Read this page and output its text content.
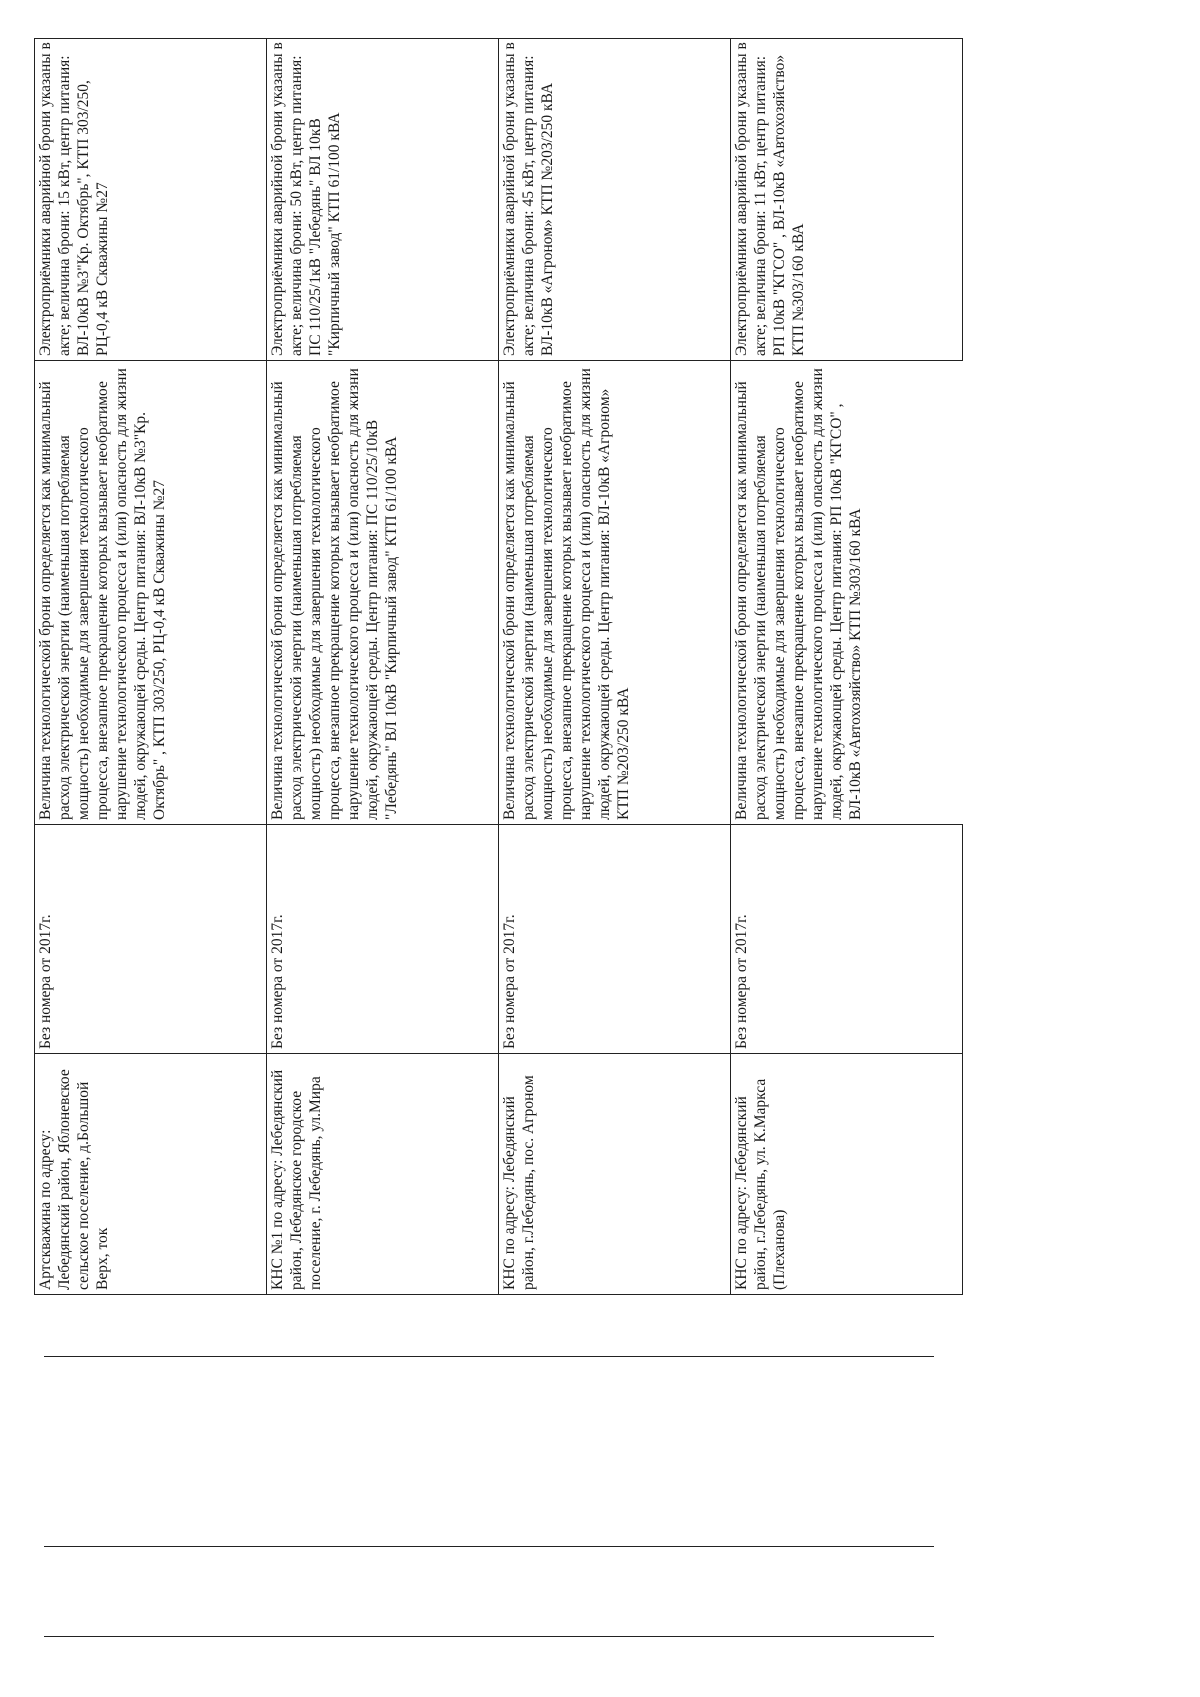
Артскважина по адресу: Лебедянский район, Яблоневское сельское поселение, д.Большой Верх, ток	Без номера от 2017г.	Величина технологической брони определяется как минимальный расход электрической энергии (наименьшая потребляемая мощность) необходимые для завершения технологического процесса, внезапное прекращение которых вызывает необратимое нарушение технологического процесса и (или) опасность для жизни людей, окружающей среды. Центр питания: ВЛ-10кВ №3"Кр. Октябрь" , КТП 303/250, РЦ-0,4 кВ Скважины №27	Электроприёмники аварийной брони указаны в акте; величина брони: 15 кВт, центр питания: ВЛ-10кВ №3"Кр. Октябрь", КТП 303/250, РЦ-0,4 кВ Скважины №27

КНС №1 по адресу: Лебедянский район, Лебедянское городское поселение, г. Лебедянь, ул.Мира	Без номера от 2017г.	Величина технологической брони определяется как минимальный расход электрической энергии (наименьшая потребляемая мощность) необходимые для завершения технологического процесса, внезапное прекращение которых вызывает необратимое нарушение технологического процесса и (или) опасность для жизни людей, окружающей среды. Центр питания: ПС 110/25/10кВ "Лебедянь" ВЛ 10кВ "Кирпичный завод" КТП 61/100 кВА	Электроприёмники аварийной брони указаны в акте; величина брони: 50 кВт, центр питания: ПС 110/25/1кВ "Лебедянь" ВЛ 10кВ "Кирпичный завод" КТП 61/100 кВА

КНС по адресу: Лебедянский район, г.Лебедянь, пос. Агроном	Без номера от 2017г.	Величина технологической брони определяется как минимальный расход электрической энергии (наименьшая потребляемая мощность) необходимые для завершения технологического процесса, внезапное прекращение которых вызывает необратимое нарушение технологического процесса и (или) опасность для жизни людей, окружающей среды. Центр питания: ВЛ-10кВ «Агроном» КТП №203/250 кВА	Электроприёмники аварийной брони указаны в акте; величина брони: 45 кВт, центр питания: ВЛ-10кВ «Агроном» КТП №203/250 кВА

КНС по адресу: Лебедянский район, г.Лебедянь, ул. К.Маркса (Плеханова)	Без номера от 2017г.	Величина технологической брони определяется как минимальный расход электрической энергии (наименьшая потребляемая мощность) необходимые для завершения технологического процесса, внезапное прекращение которых вызывает необратимое нарушение технологического процесса и (или) опасность для жизни людей, окружающей среды. Центр питания: РП 10кВ "КГСО" , ВЛ-10кВ «Автохозяйство» КТП №303/160 кВА	Электроприёмники аварийной брони указаны в акте; величина брони: 11 кВт, центр питания: РП 10кВ "КГСО" , ВЛ-10кВ «Автохозяйство» КТП №303/160 кВА
